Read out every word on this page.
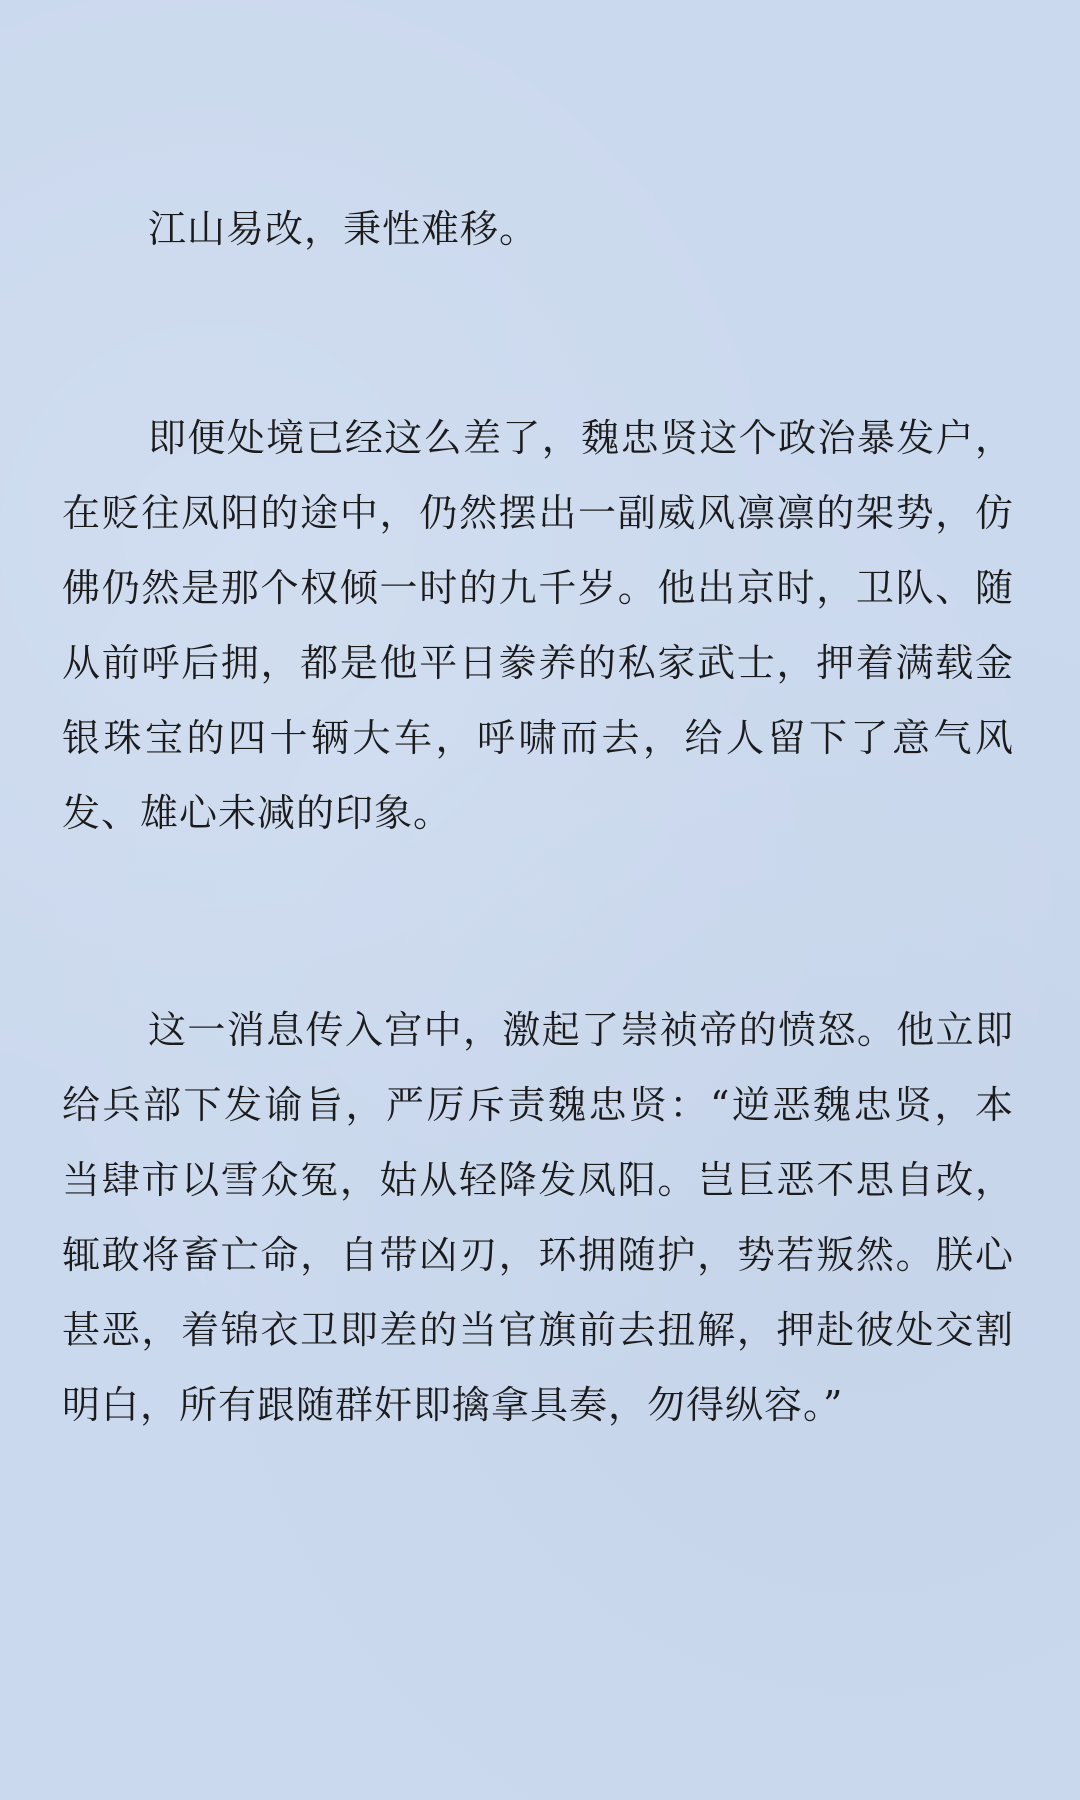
江山易改，秉性难移。

即便处境已经这么差了，魏忠贤这个政治暴发户，在贬往凤阳的途中，仍然摆出一副威风凛凛的架势，仿佛仍然是那个权倾一时的九千岁。他出京时，卫队、随从前呼后拥，都是他平日豢养的私家武士，押着满载金银珠宝的四十辆大车，呼啸而去，给人留下了意气风发、雄心未减的印象。

这一消息传入宫中，激起了崇祯帝的愤怒。他立即给兵部下发谕旨，严厉斥责魏忠贤：“逆恶魏忠贤，本当肆市以雪众冤，姑从轻降发凤阳。岂巨恶不思自改，辄敢将畜亡命，自带凶刃，环拥随护，势若叛然。朕心甚恶，着锦衣卫即差的当官旗前去扭解，押赴彼处交割明白，所有跟随群奸即擒拿具奏，勿得纵容。”
